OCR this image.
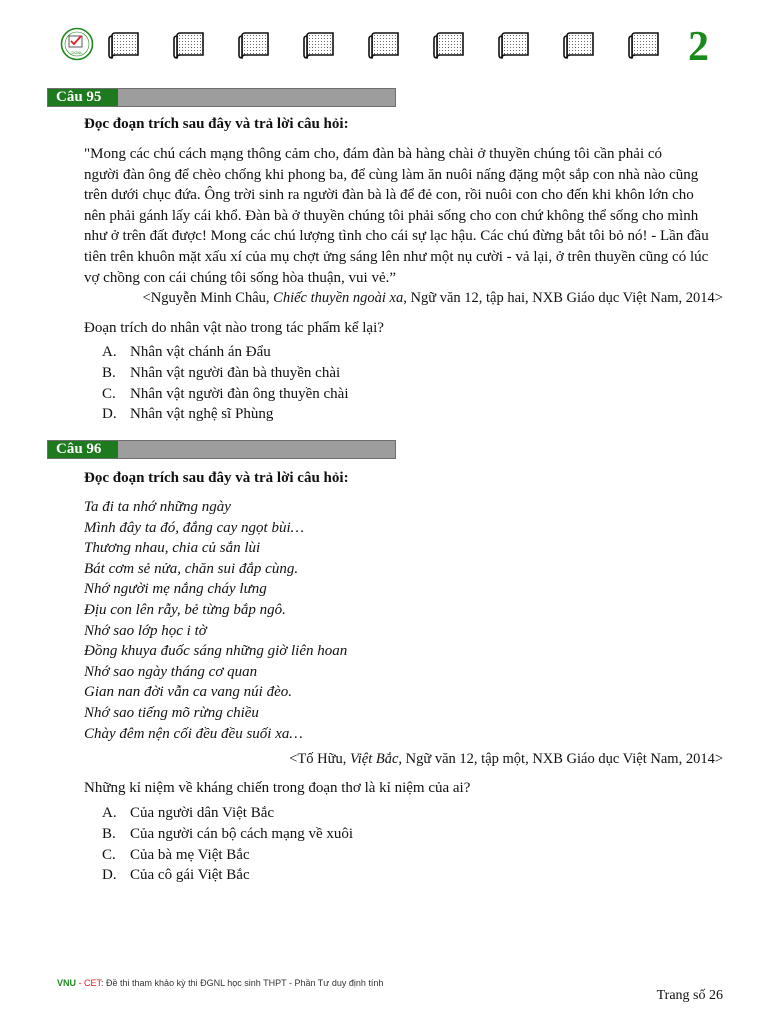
DGNL	2
Câu 95
Đọc đoạn trích sau đây và trả lời câu hỏi:
"Mong các chú cách mạng thông cảm cho, đám đàn bà hàng chài ở thuyền chúng tôi cần phải có
người đàn ông để chèo chống khi phong ba, để cùng làm ăn nuôi nấng đặng một sắp con nhà nào cũng
trên dưới chục đứa. Ông trời sinh ra người đàn bà là để đẻ con, rồi nuôi con cho đến khi khôn lớn cho
nên phải gánh lấy cái khổ. Đàn bà ở thuyền chúng tôi phải sống cho con chứ không thể sống cho mình
như ở trên đất được! Mong các chú lượng tình cho cái sự lạc hậu. Các chú đừng bắt tôi bỏ nó! - Lần đầu
tiên trên khuôn mặt xấu xí của mụ chợt ửng sáng lên như một nụ cười - vả lại, ở trên thuyền cũng có lúc
vợ chồng con cái chúng tôi sống hòa thuận, vui vẻ.”
<Nguyễn Minh Châu, Chiếc thuyền ngoài xa, Ngữ văn 12, tập hai, NXB Giáo dục Việt Nam, 2014>
Đoạn trích do nhân vật nào trong tác phẩm kể lại?
A. Nhân vật chánh án Đẩu
B. Nhân vật người đàn bà thuyền chài
C. Nhân vật người đàn ông thuyền chài
D. Nhân vật nghệ sĩ Phùng
Câu 96
Đọc đoạn trích sau đây và trả lời câu hỏi:
Ta đi ta nhớ những ngày
Mình đây ta đó, đắng cay ngọt bùi…
Thương nhau, chia củ sắn lùi
Bát cơm sẻ nửa, chăn sui đắp cùng.
Nhớ người mẹ nắng cháy lưng
Địu con lên rẫy, bẻ từng bắp ngô.
Nhớ sao lớp học i tờ
Đồng khuya đuốc sáng những giờ liên hoan
Nhớ sao ngày tháng cơ quan
Gian nan đời vẫn ca vang núi đèo.
Nhớ sao tiếng mõ rừng chiều
Chày đêm nện cối đều đều suối xa…
<Tố Hữu, Việt Bắc, Ngữ văn 12, tập một, NXB Giáo dục Việt Nam, 2014>
Những kỉ niệm về kháng chiến trong đoạn thơ là kỉ niệm của ai?
A. Của người dân Việt Bắc
B. Của người cán bộ cách mạng về xuôi
C. Của bà mẹ Việt Bắc
D. Của cô gái Việt Bắc
VNU - CET: Đề thi tham khảo kỳ thi ĐGNL học sinh THPT - Phần Tư duy định tính
Trang số 26
